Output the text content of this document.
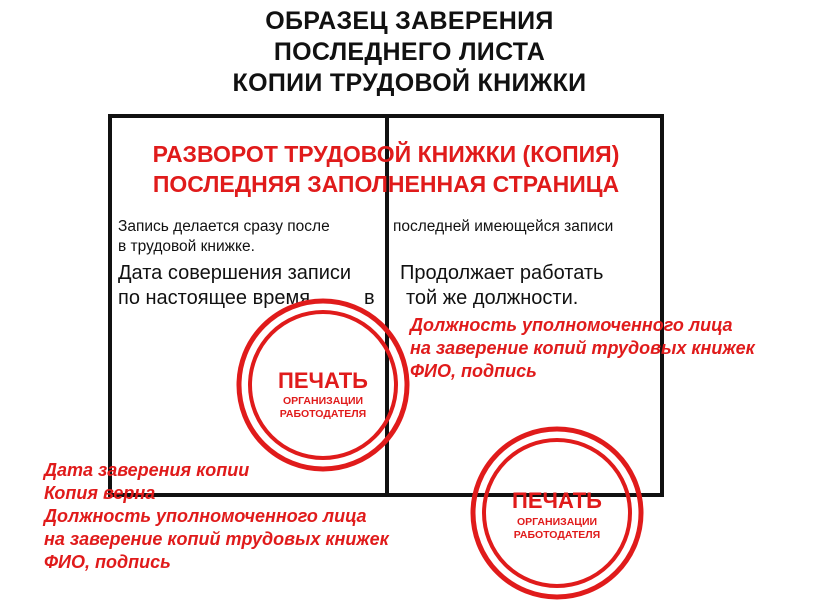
ОБРАЗЕЦ ЗАВЕРЕНИЯ
ПОСЛЕДНЕГО ЛИСТА
КОПИИ ТРУДОВОЙ КНИЖКИ
РАЗВОРОТ ТРУДОВОЙ КНИЖКИ (КОПИЯ)
ПОСЛЕДНЯЯ ЗАПОЛНЕННАЯ СТРАНИЦА
Запись делается сразу после
в трудовой книжке.
Дата совершения записи
по настоящее время	в
последней имеющейся записи
Продолжает работать
той же должности.
Должность уполномоченного лица
на заверение копий трудовых книжек
ФИО, подпись
Дата заверения копии
Копия верна
Должность уполномоченного лица
на заверение копий трудовых книжек
ФИО, подпись
ПЕЧАТЬ
ОРГАНИЗАЦИИ
РАБОТОДАТЕЛЯ
ПЕЧАТЬ
ОРГАНИЗАЦИИ
РАБОТОДАТЕЛЯ
